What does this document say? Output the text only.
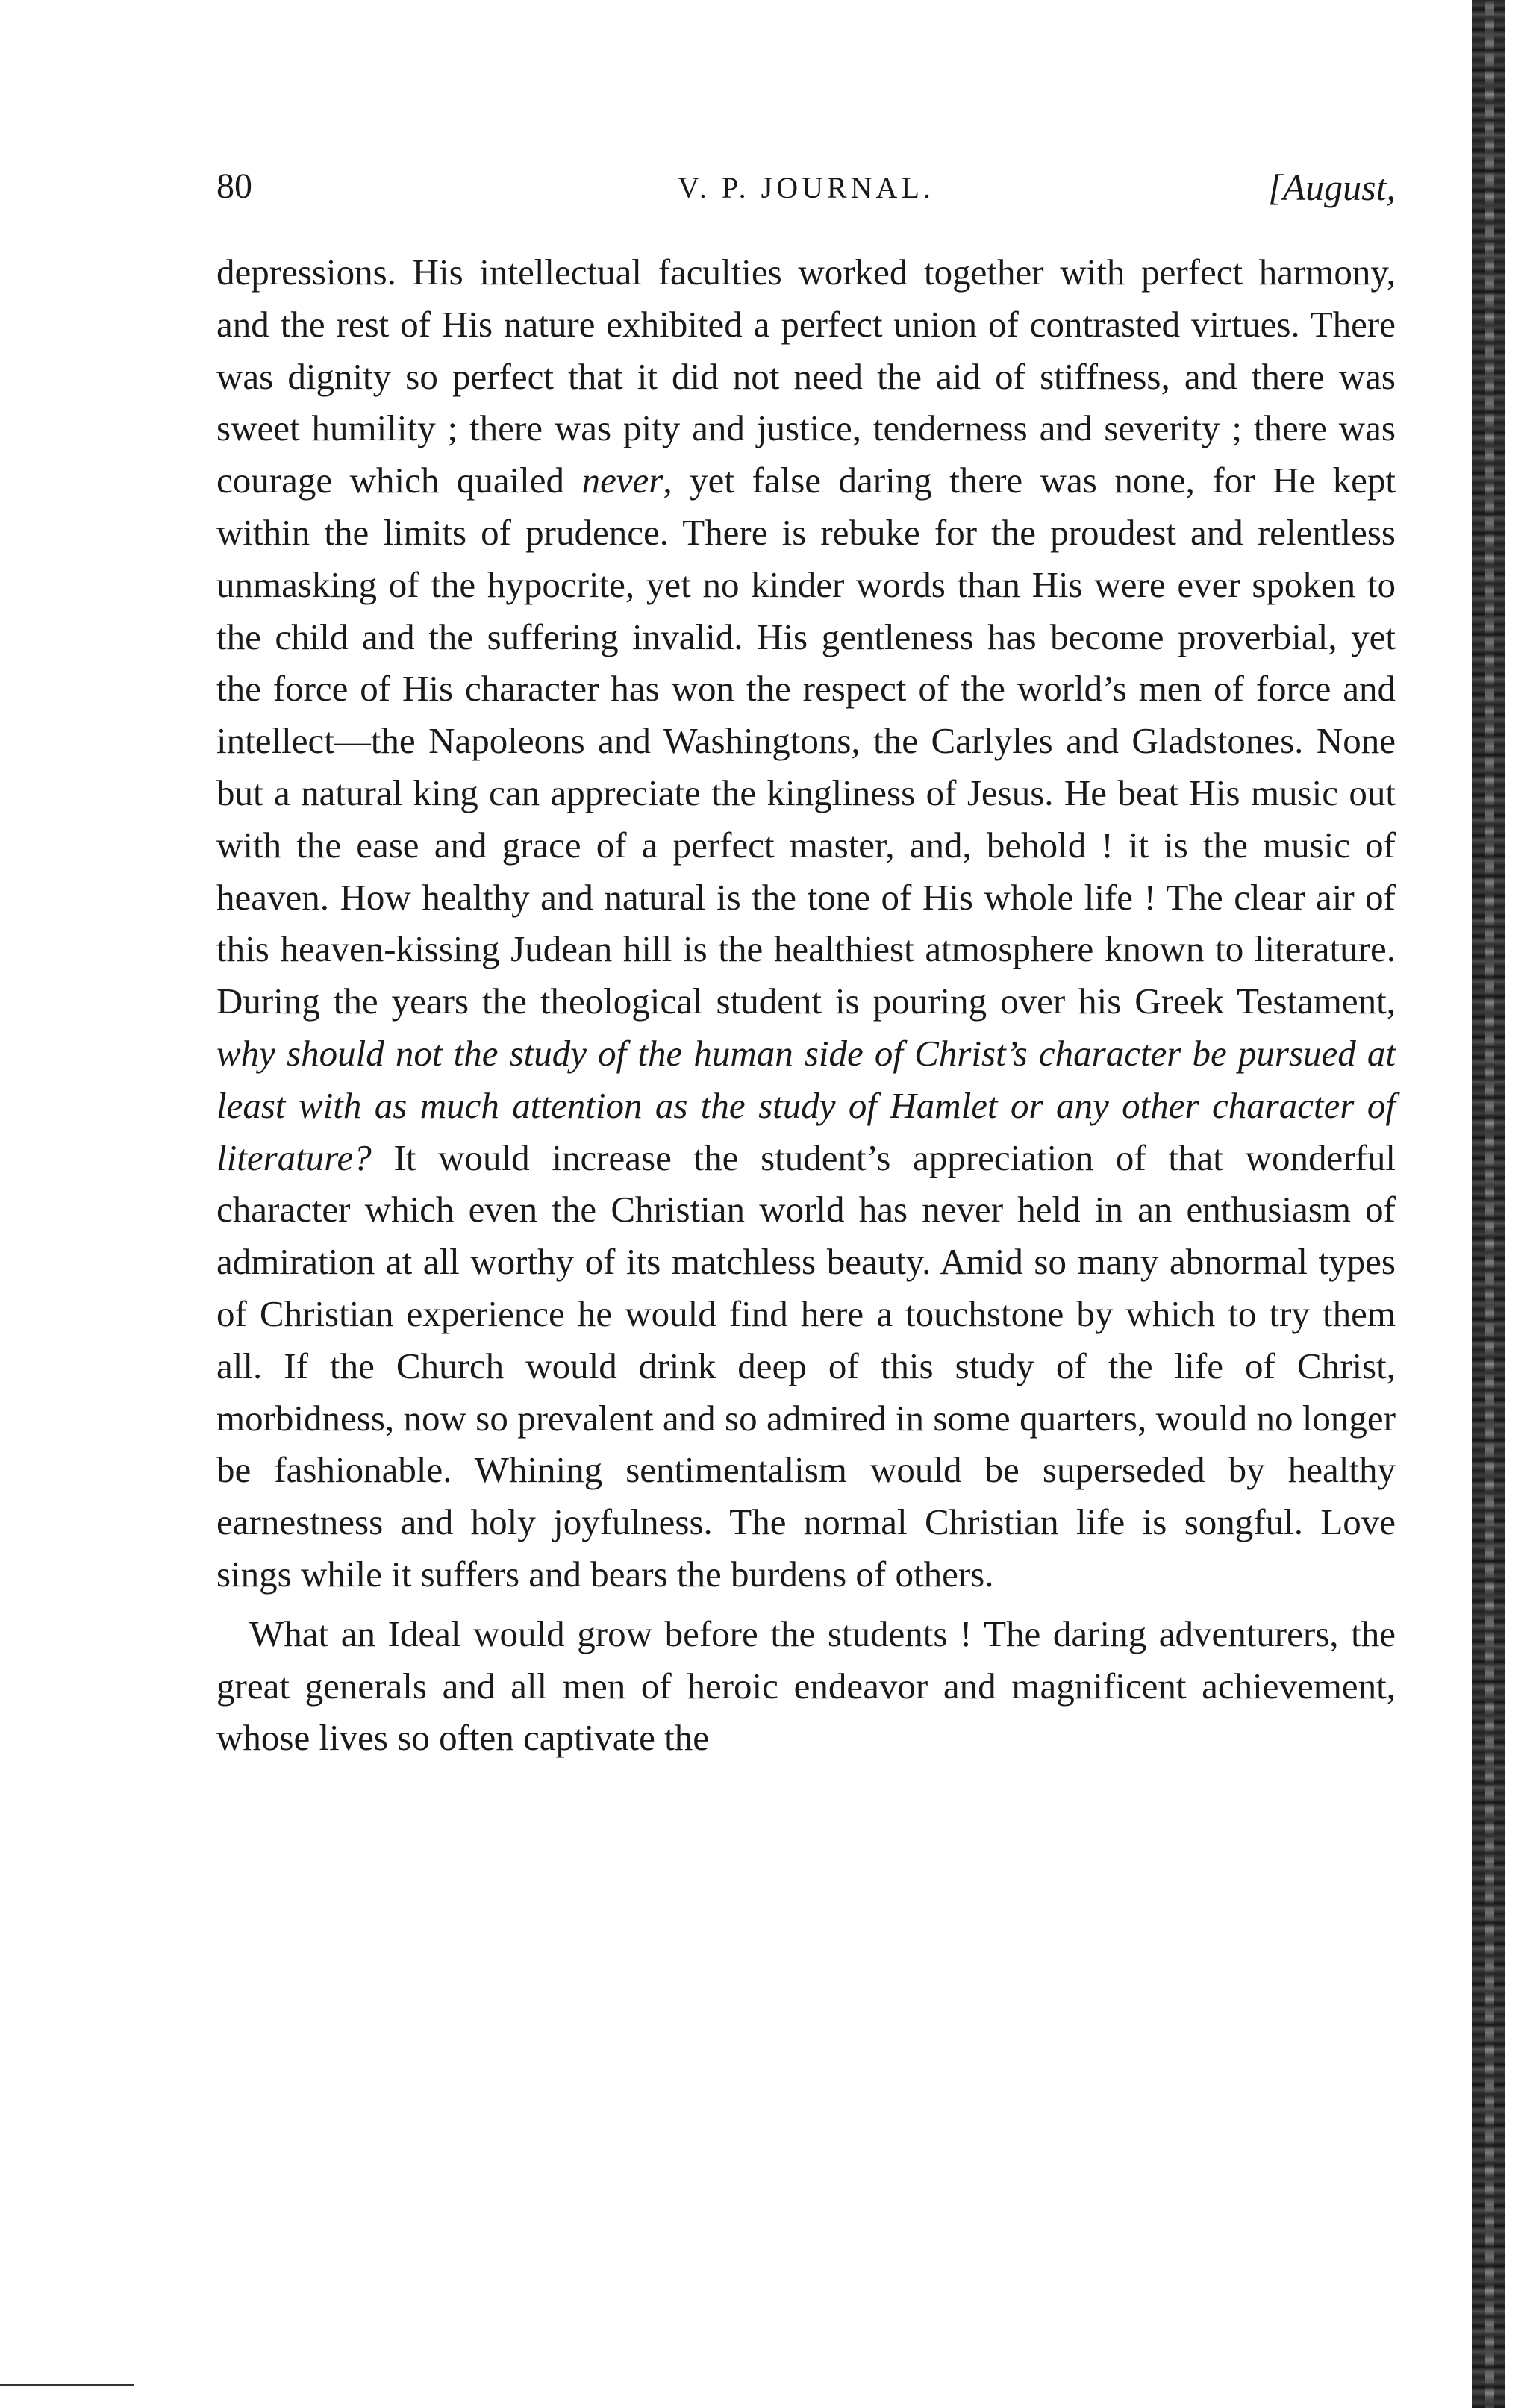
80	V. P. JOURNAL.	[August,

depressions. His intellectual faculties worked together with perfect harmony, and the rest of His nature exhibited a perfect union of contrasted virtues. There was dignity so perfect that it did not need the aid of stiffness, and there was sweet humility ; there was pity and justice, tenderness and severity ; there was courage which quailed never, yet false daring there was none, for He kept within the limits of prudence. There is rebuke for the proudest and relentless unmasking of the hypocrite, yet no kinder words than His were ever spoken to the child and the suffering invalid. His gentleness has become proverbial, yet the force of His character has won the respect of the world’s men of force and intellect—the Napoleons and Washingtons, the Carlyles and Gladstones. None but a natural king can appreciate the kingliness of Jesus. He beat His music out with the ease and grace of a perfect master, and, behold ! it is the music of heaven. How healthy and natural is the tone of His whole life ! The clear air of this heaven-kissing Judean hill is the healthiest atmosphere known to literature. During the years the theological student is pouring over his Greek Testament, why should not the study of the human side of Christ’s character be pursued at least with as much attention as the study of Hamlet or any other character of literature? It would increase the student’s appreciation of that wonderful character which even the Christian world has never held in an enthusiasm of admiration at all worthy of its matchless beauty. Amid so many abnormal types of Christian experience he would find here a touchstone by which to try them all. If the Church would drink deep of this study of the life of Christ, morbidness, now so prevalent and so admired in some quarters, would no longer be fashionable. Whining sentimentalism would be superseded by healthy earnestness and holy joyfulness. The normal Christian life is songful. Love sings while it suffers and bears the burdens of others.

What an Ideal would grow before the students ! The daring adventurers, the great generals and all men of heroic endeavor and magnificent achievement, whose lives so often captivate the
